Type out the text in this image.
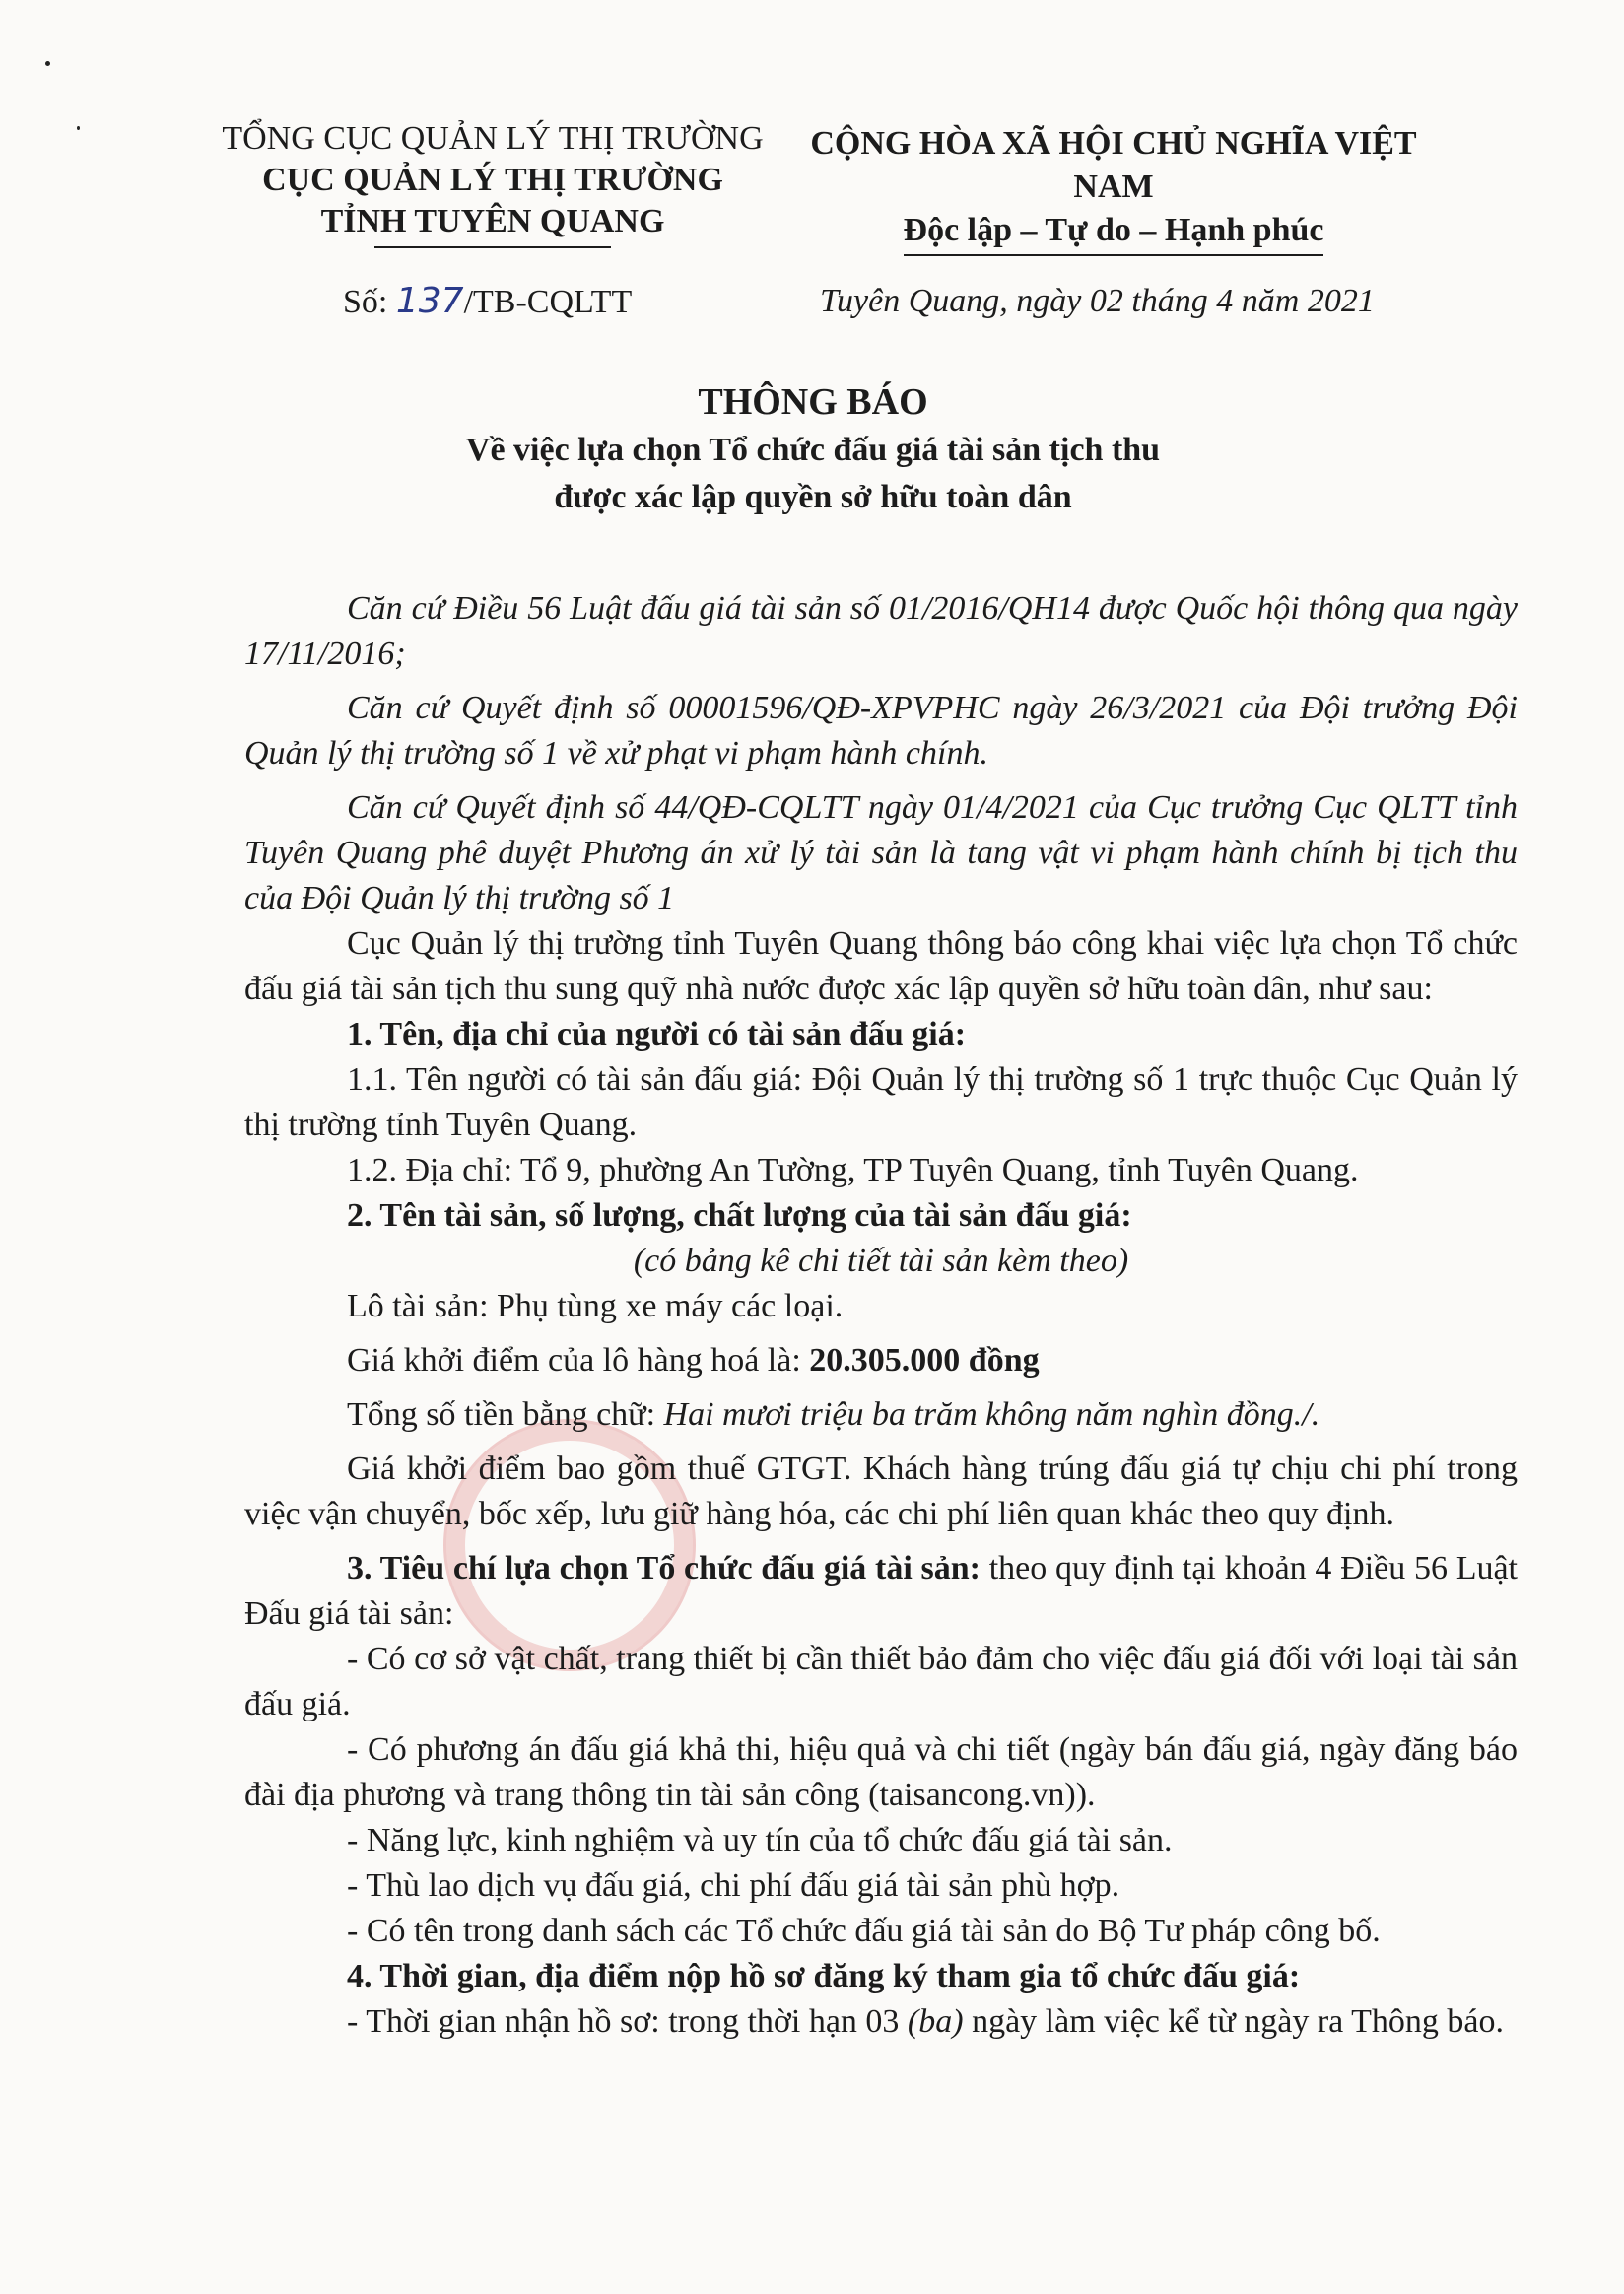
TỔNG CỤC QUẢN LÝ THỊ TRƯỜNG
CỤC QUẢN LÝ THỊ TRƯỜNG
TỈNH TUYÊN QUANG
CỘNG HÒA XÃ HỘI CHỦ NGHĨA VIỆT NAM
Độc lập – Tự do – Hạnh phúc
Số: 137/TB-CQLTT	Tuyên Quang, ngày 02 tháng 4 năm 2021
THÔNG BÁO
Về việc lựa chọn Tổ chức đấu giá tài sản tịch thu
được xác lập quyền sở hữu toàn dân

Căn cứ Điều 56 Luật đấu giá tài sản số 01/2016/QH14 được Quốc hội thông qua ngày 17/11/2016;

Căn cứ Quyết định số 00001596/QĐ-XPVPHC ngày 26/3/2021 của Đội trưởng Đội Quản lý thị trường số 1 về xử phạt vi phạm hành chính.

Căn cứ Quyết định số 44/QĐ-CQLTT ngày 01/4/2021 của Cục trưởng Cục QLTT tỉnh Tuyên Quang phê duyệt Phương án xử lý tài sản là tang vật vi phạm hành chính bị tịch thu của Đội Quản lý thị trường số 1

Cục Quản lý thị trường tỉnh Tuyên Quang thông báo công khai việc lựa chọn Tổ chức đấu giá tài sản tịch thu sung quỹ nhà nước được xác lập quyền sở hữu toàn dân, như sau:

1. Tên, địa chỉ của người có tài sản đấu giá:

1.1. Tên người có tài sản đấu giá: Đội Quản lý thị trường số 1 trực thuộc Cục Quản lý thị trường tỉnh Tuyên Quang.

1.2. Địa chỉ: Tổ 9, phường An Tường, TP Tuyên Quang, tỉnh Tuyên Quang.

2. Tên tài sản, số lượng, chất lượng của tài sản đấu giá:

(có bảng kê chi tiết tài sản kèm theo)

Lô tài sản: Phụ tùng xe máy các loại.

Giá khởi điểm của lô hàng hoá là: 20.305.000 đồng

Tổng số tiền bằng chữ: Hai mươi triệu ba trăm không năm nghìn đồng./.

Giá khởi điểm bao gồm thuế GTGT. Khách hàng trúng đấu giá tự chịu chi phí trong việc vận chuyển, bốc xếp, lưu giữ hàng hóa, các chi phí liên quan khác theo quy định.

3. Tiêu chí lựa chọn Tổ chức đấu giá tài sản: theo quy định tại khoản 4 Điều 56 Luật Đấu giá tài sản:

- Có cơ sở vật chất, trang thiết bị cần thiết bảo đảm cho việc đấu giá đối với loại tài sản đấu giá.

- Có phương án đấu giá khả thi, hiệu quả và chi tiết (ngày bán đấu giá, ngày đăng báo đài địa phương và trang thông tin tài sản công (taisancong.vn)).

- Năng lực, kinh nghiệm và uy tín của tổ chức đấu giá tài sản.

- Thù lao dịch vụ đấu giá, chi phí đấu giá tài sản phù hợp.

- Có tên trong danh sách các Tổ chức đấu giá tài sản do Bộ Tư pháp công bố.

4. Thời gian, địa điểm nộp hồ sơ đăng ký tham gia tổ chức đấu giá:

- Thời gian nhận hồ sơ: trong thời hạn 03 (ba) ngày làm việc kể từ ngày ra Thông báo.
